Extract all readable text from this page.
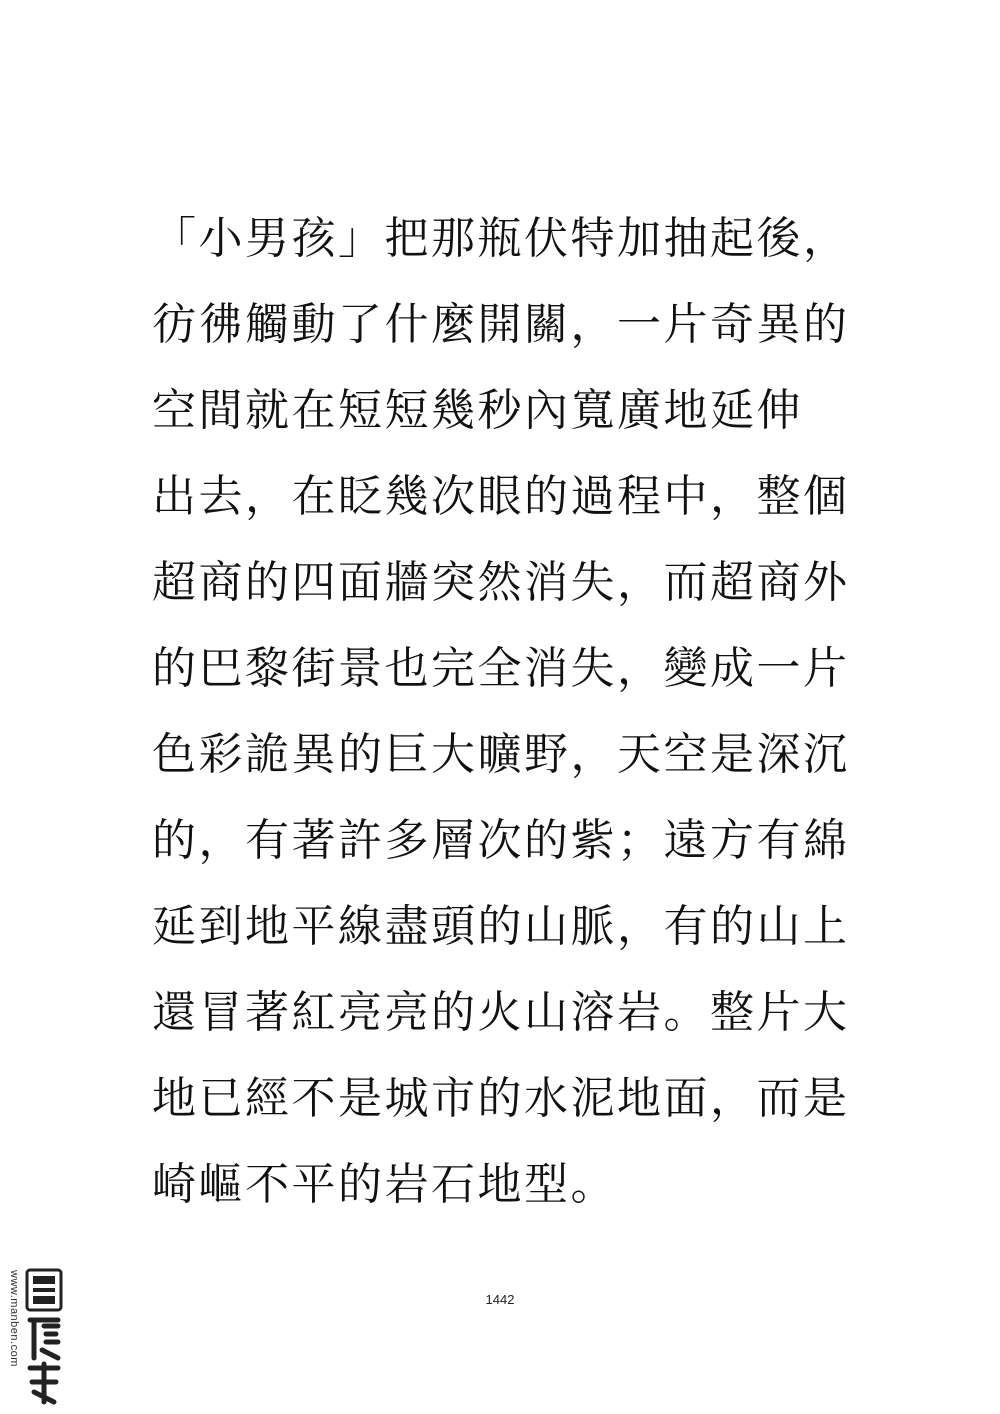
「小男孩」把那瓶伏特加抽起後，
彷彿觸動了什麼開關，一片奇異的
空間就在短短幾秒內寬廣地延伸
出去，在眨幾次眼的過程中，整個
超商的四面牆突然消失，而超商外
的巴黎街景也完全消失，變成一片
色彩詭異的巨大曠野，天空是深沉
的，有著許多層次的紫；遠方有綿
延到地平線盡頭的山脈，有的山上
還冒著紅亮亮的火山溶岩。整片大
地已經不是城市的水泥地面，而是
崎嶇不平的岩石地型。
1442
www.manben.com
